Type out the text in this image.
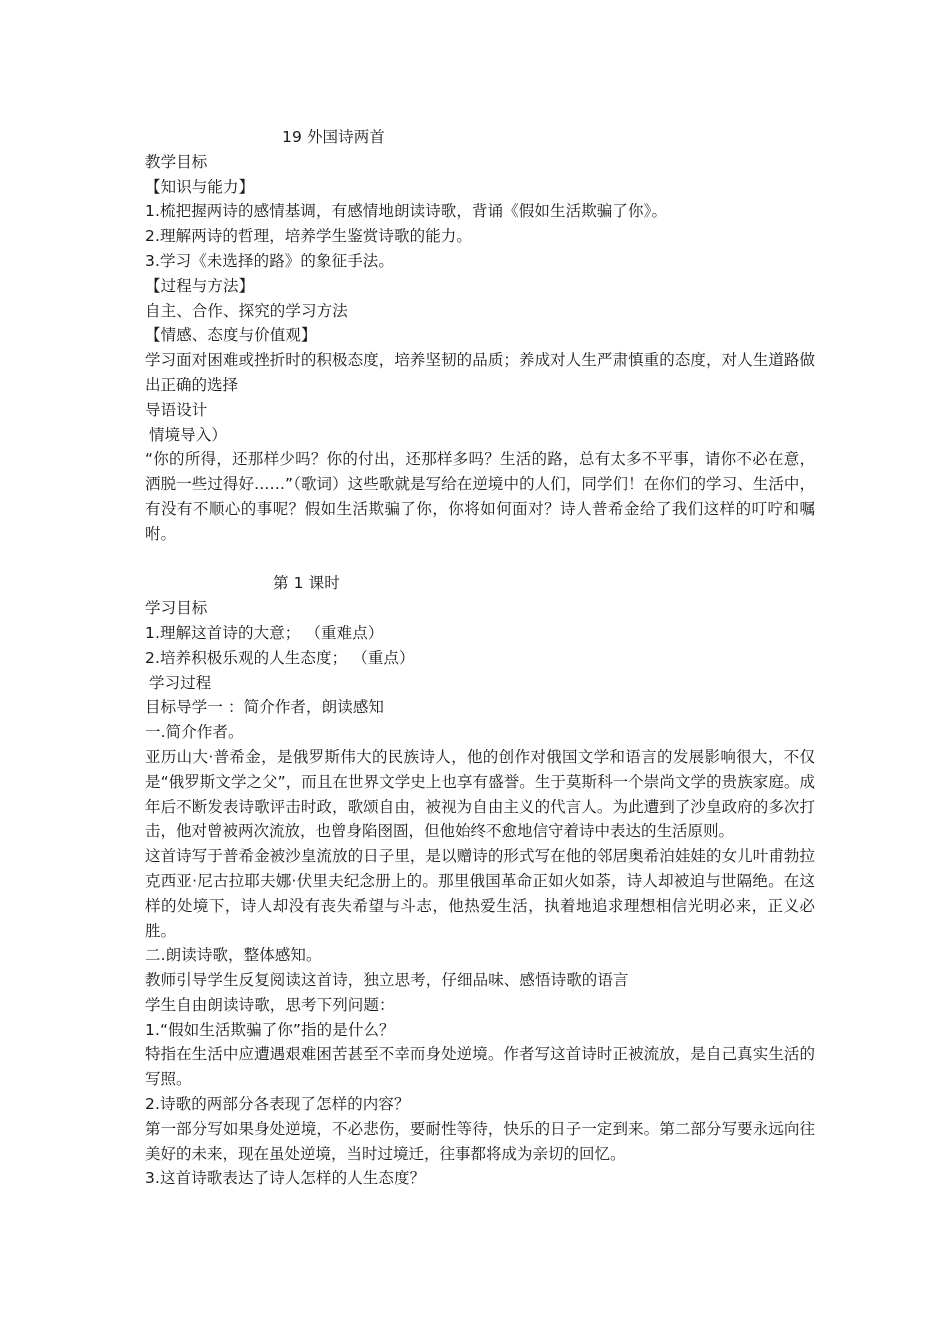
19 外国诗两首
教学目标
【知识与能力】
1.梳把握两诗的感情基调，有感情地朗读诗歌，背诵《假如生活欺骗了你》。
2.理解两诗的哲理，培养学生鉴赏诗歌的能力。
3.学习《未选择的路》的象征手法。
【过程与方法】
自主、合作、探究的学习方法
【情感、态度与价值观】
学习面对困难或挫折时的积极态度，培养坚韧的品质；养成对人生严肃慎重的态度，对人生道路做出正确的选择
导语设计
情境导入）
“你的所得，还那样少吗？你的付出，还那样多吗？生活的路，总有太多不平事，请你不必在意，洒脱一些过得好……”（歌词）这些歌就是写给在逆境中的人们，同学们！在你们的学习、生活中，有没有不顺心的事呢？假如生活欺骗了你，你将如何面对？诗人普希金给了我们这样的叮咛和嘱咐。
第 1 课时
学习目标
1.理解这首诗的大意； （重难点）
2.培养积极乐观的人生态度； （重点）
学习过程
目标导学一 ：简介作者，朗读感知
一.简介作者。
亚历山大·普希金，是俄罗斯伟大的民族诗人，他的创作对俄国文学和语言的发展影响很大，不仅是“俄罗斯文学之父”，而且在世界文学史上也享有盛誉。生于莫斯科一个崇尚文学的贵族家庭。成年后不断发表诗歌评击时政，歌颂自由，被视为自由主义的代言人。为此遭到了沙皇政府的多次打击，他对曾被两次流放，也曾身陷囹圄，但他始终不愈地信守着诗中表达的生活原则。
这首诗写于普希金被沙皇流放的日子里，是以赠诗的形式写在他的邻居奥希泊娃娃的女儿叶甫勃拉克西亚·尼古拉耶夫娜·伏里夫纪念册上的。那里俄国革命正如火如荼，诗人却被迫与世隔绝。在这样的处境下，诗人却没有丧失希望与斗志，他热爱生活，执着地追求理想相信光明必来，正义必胜。
二.朗读诗歌，整体感知。
教师引导学生反复阅读这首诗，独立思考，仔细品味、感悟诗歌的语言
学生自由朗读诗歌，思考下列问题：
1.“假如生活欺骗了你”指的是什么？
特指在生活中应遭遇艰难困苦甚至不幸而身处逆境。作者写这首诗时正被流放，是自己真实生活的写照。
2.诗歌的两部分各表现了怎样的内容？
第一部分写如果身处逆境，不必悲伤，要耐性等待，快乐的日子一定到来。第二部分写要永远向往美好的未来，现在虽处逆境，当时过境迁，往事都将成为亲切的回忆。
3.这首诗歌表达了诗人怎样的人生态度？
